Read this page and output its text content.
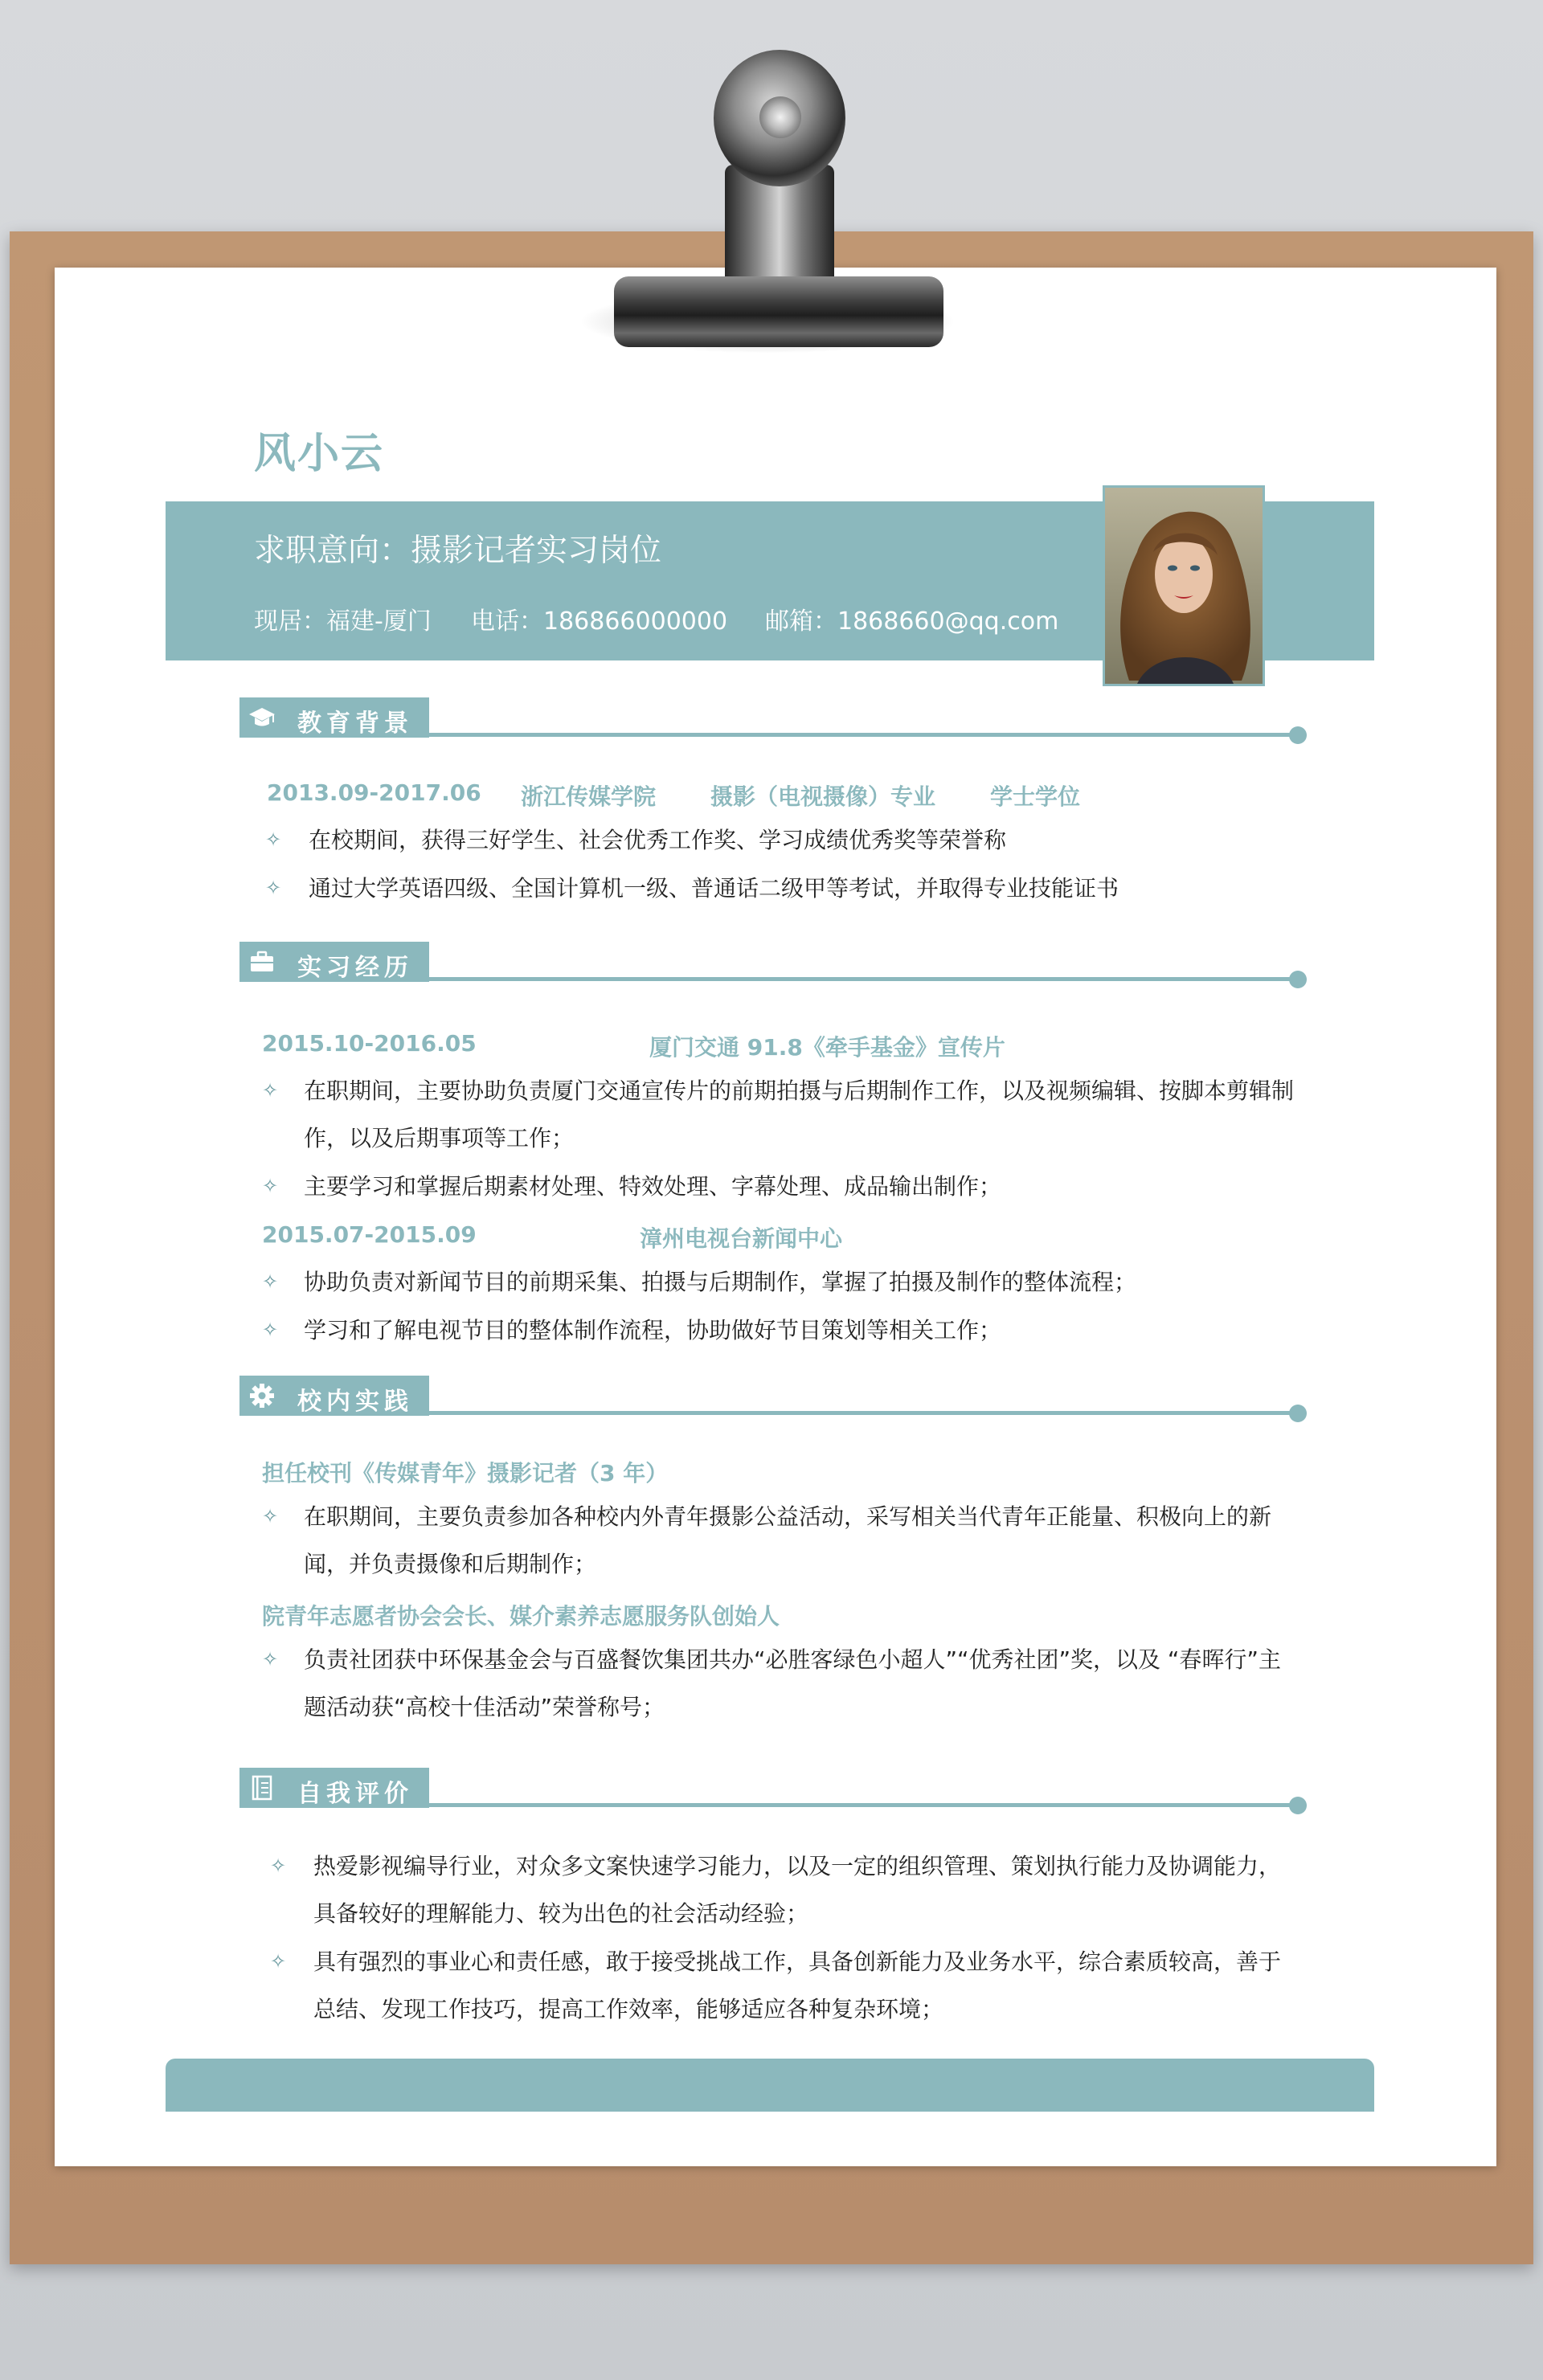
风小云
求职意向：摄影记者实习岗位
现居：福建-厦门 电话：186866000000 邮箱：1868660@qq.com
教育背景
2013.09-2017.06 浙江传媒学院 摄影（电视摄像）专业 学士学位
✧ 在校期间，获得三好学生、社会优秀工作奖、学习成绩优秀奖等荣誉称
✧ 通过大学英语四级、全国计算机一级、普通话二级甲等考试，并取得专业技能证书
实习经历
2015.10-2016.05	厦门交通 91.8《牵手基金》宣传片
✧ 在职期间，主要协助负责厦门交通宣传片的前期拍摄与后期制作工作，以及视频编辑、按脚本剪辑制作，以及后期事项等工作；
✧ 主要学习和掌握后期素材处理、特效处理、字幕处理、成品输出制作；
2015.07-2015.09	漳州电视台新闻中心
✧ 协助负责对新闻节目的前期采集、拍摄与后期制作，掌握了拍摄及制作的整体流程；
✧ 学习和了解电视节目的整体制作流程，协助做好节目策划等相关工作；
校内实践
担任校刊《传媒青年》摄影记者（3 年）
✧ 在职期间，主要负责参加各种校内外青年摄影公益活动，采写相关当代青年正能量、积极向上的新闻，并负责摄像和后期制作；
院青年志愿者协会会长、媒介素养志愿服务队创始人
✧ 负责社团获中环保基金会与百盛餐饮集团共办“必胜客绿色小超人”“优秀社团”奖，以及 “春晖行”主题活动获“高校十佳活动”荣誉称号；
自我评价
✧ 热爱影视编导行业，对众多文案快速学习能力，以及一定的组织管理、策划执行能力及协调能力，具备较好的理解能力、较为出色的社会活动经验；
✧ 具有强烈的事业心和责任感，敢于接受挑战工作，具备创新能力及业务水平，综合素质较高，善于总结、发现工作技巧，提高工作效率，能够适应各种复杂环境；
